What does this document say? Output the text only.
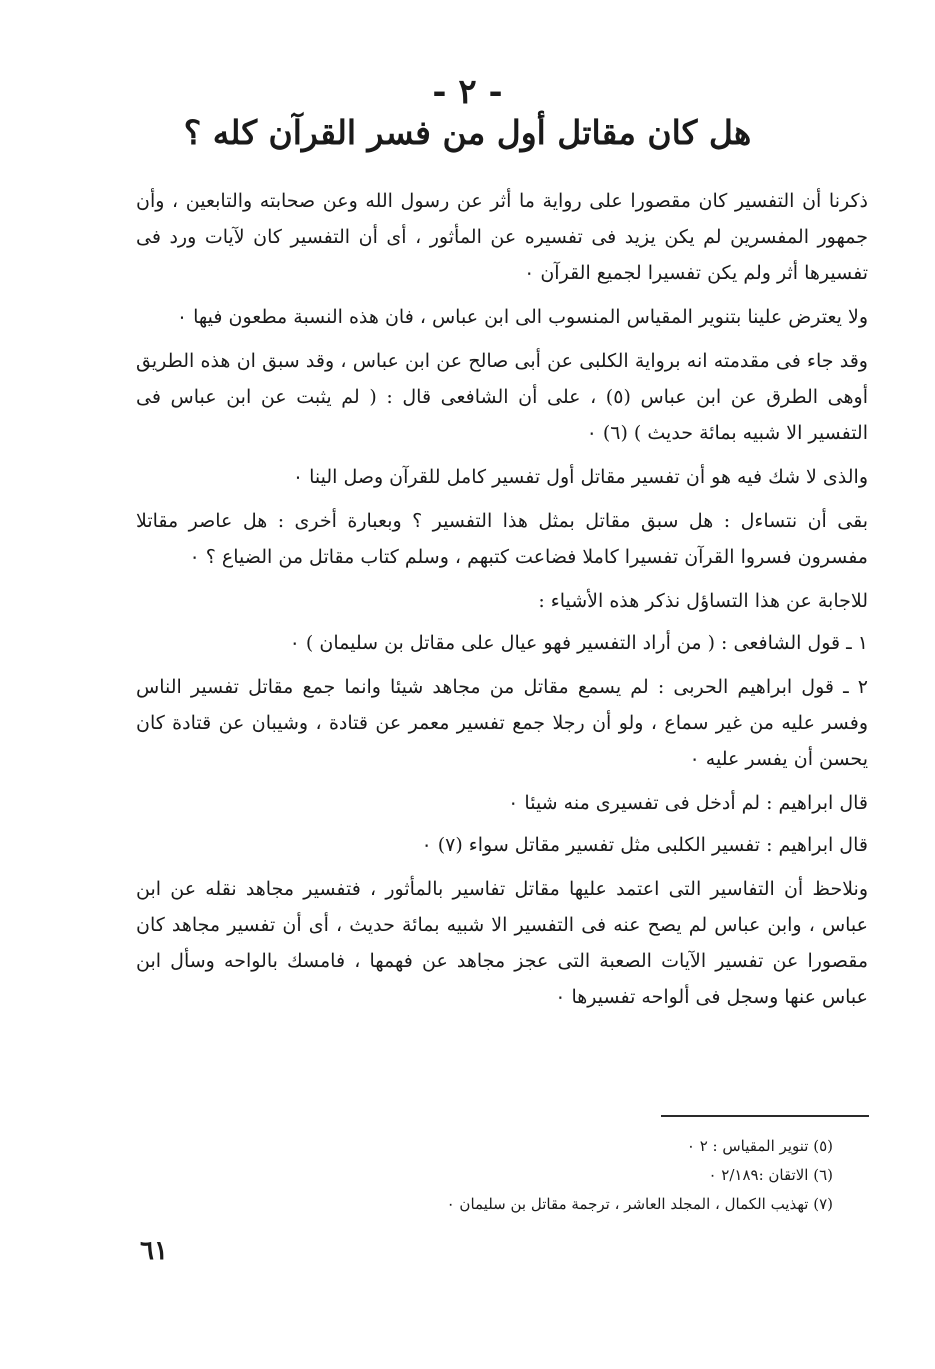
- ٢ -
هل كان مقاتل أول من فسر القرآن كله ؟

ذكرنا أن التفسير كان مقصورا على رواية ما أثر عن رسول الله وعن صحابته والتابعين ، وأن جمهور المفسرين لم يكن يزيد فى تفسيره عن المأثور ، أى أن التفسير كان لآيات ورد فى تفسيرها أثر ولم يكن تفسيرا لجميع القرآن ٠

ولا يعترض علينا بتنوير المقياس المنسوب الى ابن عباس ، فان هذه النسبة مطعون فيها ٠

وقد جاء فى مقدمته انه برواية الكلبى عن أبى صالح عن ابن عباس ، وقد سبق ان هذه الطريق أوهى الطرق عن ابن عباس (٥) ، على أن الشافعى قال : ( لم يثبت عن ابن عباس فى التفسير الا شبيه بمائة حديث ) (٦) ٠

والذى لا شك فيه هو أن تفسير مقاتل أول تفسير كامل للقرآن وصل الينا ٠

بقى أن نتساءل : هل سبق مقاتل بمثل هذا التفسير ؟ وبعبارة أخرى : هل عاصر مقاتلا مفسرون فسروا القرآن تفسيرا كاملا فضاعت كتبهم ، وسلم كتاب مقاتل من الضياع ؟ ٠

للاجابة عن هذا التساؤل نذكر هذه الأشياء :

١ ـ قول الشافعى : ( من أراد التفسير فهو عيال على مقاتل بن سليمان ) ٠

٢ ـ قول ابراهيم الحربى : لم يسمع مقاتل من مجاهد شيئا وانما جمع مقاتل تفسير الناس وفسر عليه من غير سماع ، ولو أن رجلا جمع تفسير معمر عن قتادة ، وشيبان عن قتادة كان يحسن أن يفسر عليه ٠

قال ابراهيم : لم أدخل فى تفسيرى منه شيئا ٠

قال ابراهيم : تفسير الكلبى مثل تفسير مقاتل سواء (٧) ٠

ونلاحظ أن التفاسير التى اعتمد عليها مقاتل تفاسير بالمأثور ، فتفسير مجاهد نقله عن ابن عباس ، وابن عباس لم يصح عنه فى التفسير الا شبيه بمائة حديث ، أى أن تفسير مجاهد كان مقصورا عن تفسير الآيات الصعبة التى عجز مجاهد عن فهمها ، فامسك بالواحه وسأل ابن عباس عنها وسجل فى ألواحه تفسيرها ٠

(٥) تنوير المقياس : ٢ ٠

(٦) الاتقان :٢/١٨٩ ٠

(٧) تهذيب الكمال ، المجلد العاشر ، ترجمة مقاتل بن سليمان ٠

٦١
